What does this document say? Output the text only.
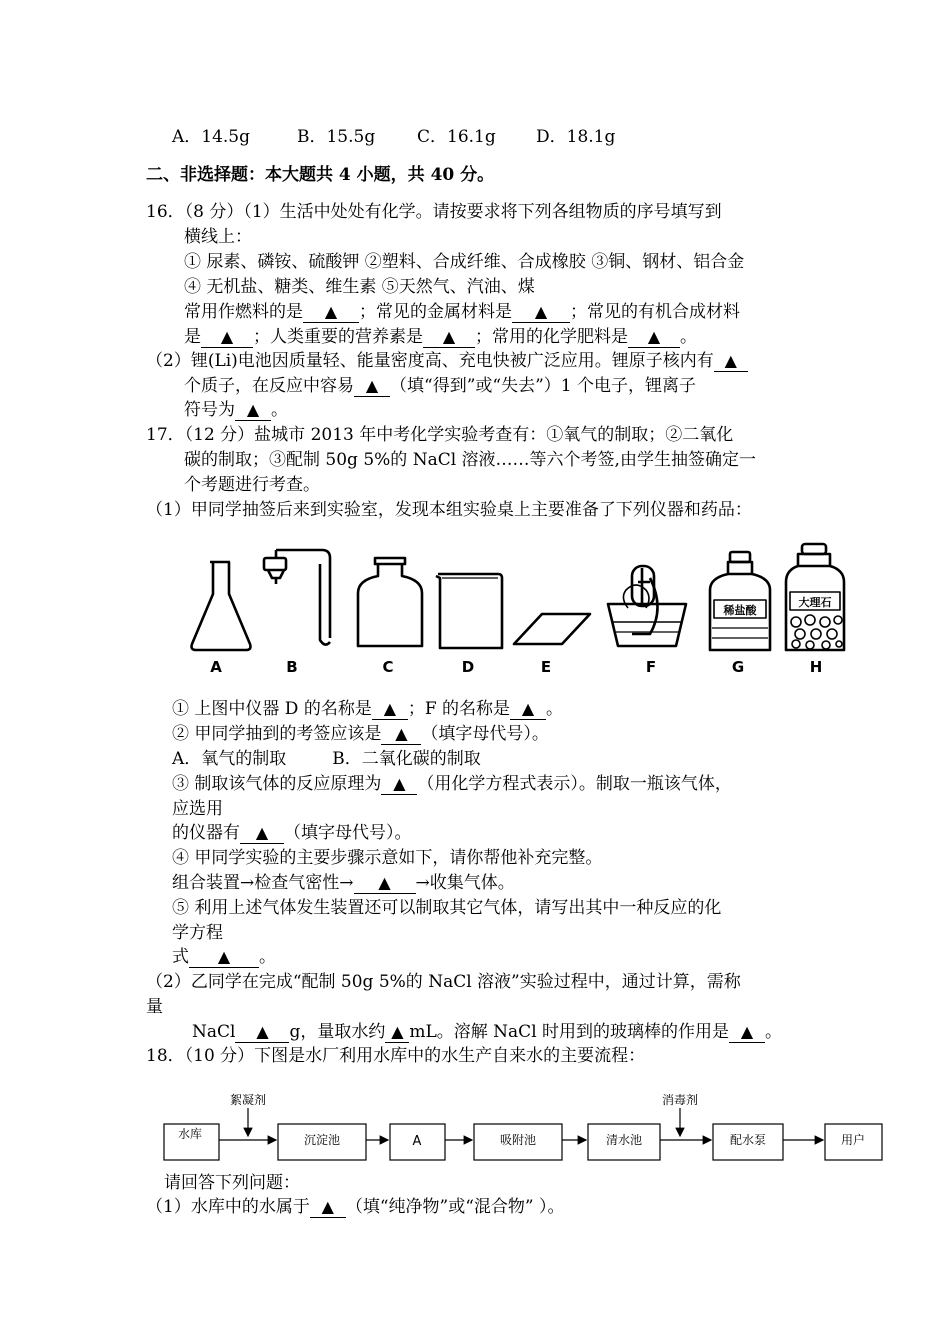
A．14.5g	B．15.5g C．16.1g D．18.1g
二、非选择题：本大题共 4 小题，共 40 分。
16．（8 分）（1）生活中处处有化学。请按要求将下列各组物质的序号填写到
横线上：
① 尿素、磷铵、硫酸钾 ②塑料、合成纤维、合成橡胶 ③铜、钢材、铝合金
④ 无机盐、糖类、维生素 ⑤天然气、汽油、煤
常用作燃料的是 ▲	；常见的金属材料是 ▲	；常见的有机合成材料
是 ▲	；人类重要的营养素是 ▲	；常用的化学肥料是 ▲	。
（2）锂(Li)电池因质量轻、能量密度高、充电快被广泛应用。锂原子核内有▲
个质子，在反应中容易 ▲ （填“得到”或“失去”）1 个电子，锂离子
符号为 ▲ 。
17．（12 分）盐城市 2013 年中考化学实验考查有：①氧气的制取；②二氧化
碳的制取；③配制 50g 5%的 NaCl 溶液……等六个考签,由学生抽签确定一
个考题进行考查。
（1）甲同学抽签后来到实验室，发现本组实验桌上主要准备了下列仪器和药品：
稀盐酸
大理石
A	B	C	D	E	F	G	H
① 上图中仪器 D 的名称是 ▲ ；F 的名称是 ▲ 。
② 甲同学抽到的考签应该是 ▲ （填字母代号）。
A．氧气的制取	B．二氧化碳的制取
③ 制取该气体的反应原理为 ▲ （用化学方程式表示）。制取一瓶该气体，
应选用
的仪器有 ▲	（填字母代号）。
④ 甲同学实验的主要步骤示意如下，请你帮他补充完整。
组合装置→检查气密性→ ▲	→收集气体。
⑤ 利用上述气体发生装置还可以制取其它气体，请写出其中一种反应的化
学方程
式 ▲	。
（2）乙同学在完成“配制 50g 5%的 NaCl 溶液”实验过程中，通过计算，需称
量
NaCl ▲	g，量取水约 ▲ mL。溶解 NaCl 时用到的玻璃棒的作用是 ▲ 。
18．（10 分）下图是水厂利用水库中的水生产自来水的主要流程：
絮凝剂	消毒剂
水库	沉淀池	A	吸附池	清水池	配水泵	用户
请回答下列问题：
（1）水库中的水属于 ▲ （填“纯净物”或“混合物” ）。
